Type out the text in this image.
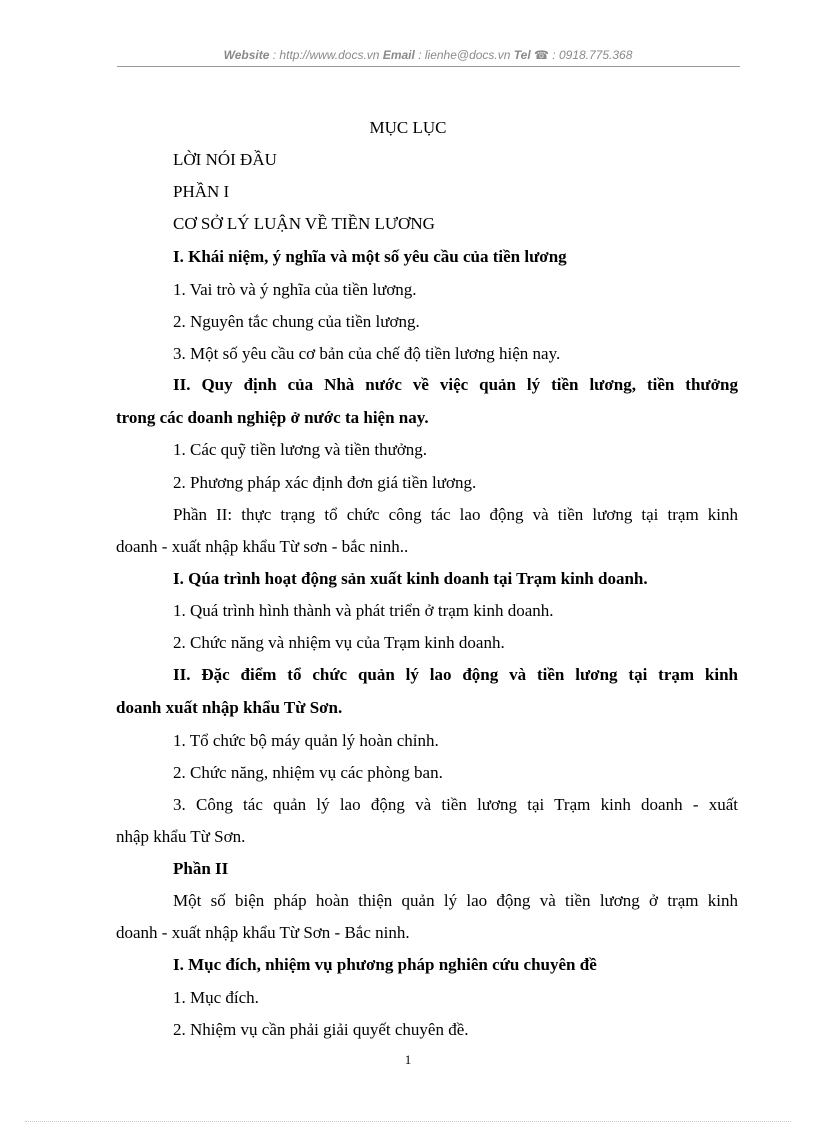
Website : http://www.docs.vn Email : lienhe@docs.vn Tel ☎ : 0918.775.368
MỤC LỤC
LỜI NÓI ĐẦU
PHẦN I
CƠ SỞ LÝ LUẬN VỀ TIỀN LƯƠNG
I. Khái niệm, ý nghĩa và một số yêu cầu của tiền lương
1. Vai trò và ý nghĩa của tiền lương.
2. Nguyên tắc chung của tiền lương.
3. Một số yêu cầu cơ bản của chế độ tiền lương hiện nay.
II. Quy định của Nhà nước về việc quản lý tiền lương, tiền thưởng
trong các doanh nghiệp ở nước ta hiện nay.
1. Các quỹ tiền lương và tiền thưởng.
2. Phương pháp xác định đơn giá tiền lương.
Phần II: thực trạng tổ chức công tác lao động và tiền lương tại trạm kinh
doanh - xuất nhập khẩu Từ sơn - bắc ninh..
I. Qúa trình hoạt động sản xuất kinh doanh tại Trạm kinh doanh.
1. Quá trình hình thành và phát triển ở trạm kinh doanh.
2. Chức năng và nhiệm vụ của Trạm kinh doanh.
II. Đặc điểm tổ chức quản lý lao động và tiền lương tại trạm kinh
doanh xuất nhập khẩu Từ Sơn.
1. Tổ chức bộ máy quản lý hoàn chỉnh.
2. Chức năng, nhiệm vụ các phòng ban.
3. Công tác quản lý lao động và tiền lương tại Trạm kinh doanh - xuất
nhập khẩu Từ Sơn.
Phần II
Một số biện pháp hoàn thiện quản lý lao động và tiền lương ở trạm kinh
doanh - xuất nhập khẩu Từ Sơn - Bắc ninh.
I. Mục đích, nhiệm vụ phương pháp nghiên cứu chuyên đề
1. Mục đích.
2. Nhiệm vụ cần phải giải quyết chuyên đề.
1
